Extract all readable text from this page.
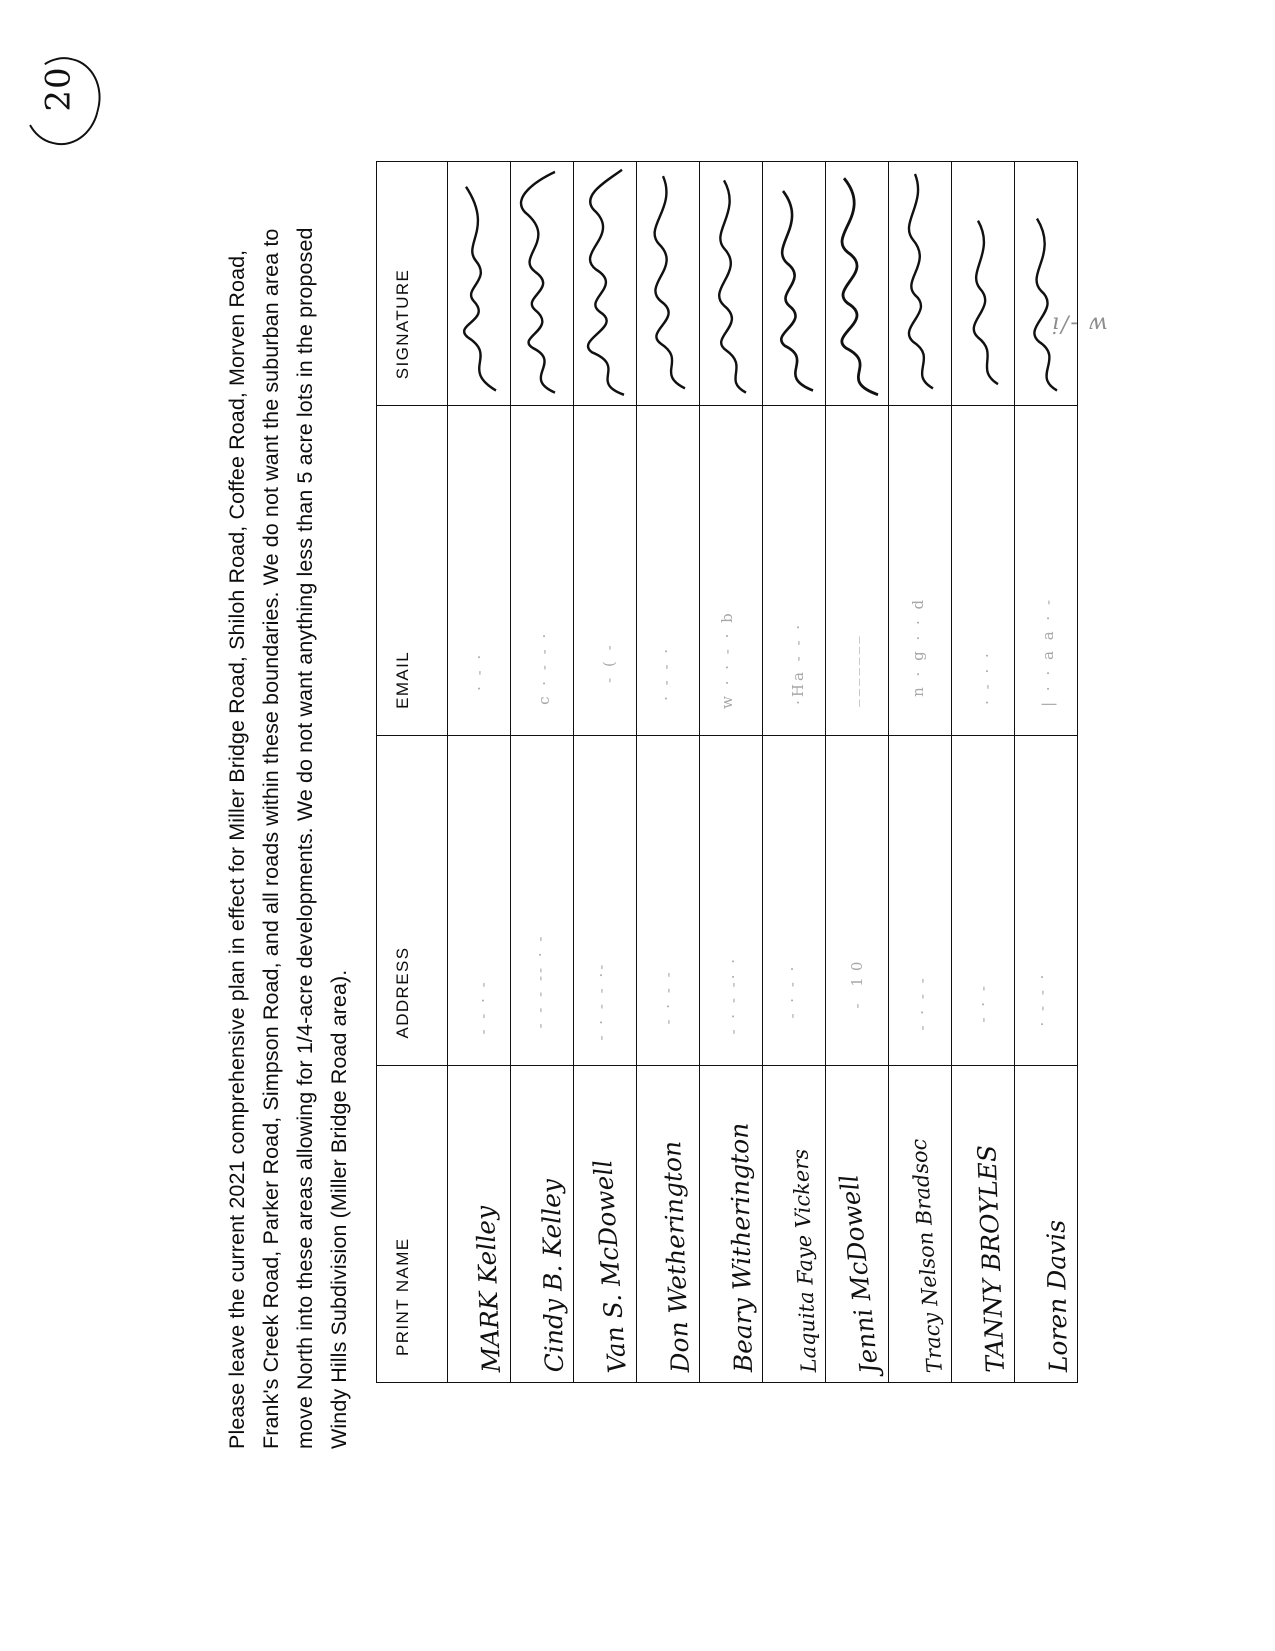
20
Please leave the current 2021 comprehensive plan in effect for Miller Bridge Road, Shiloh Road, Coffee Road, Morven Road, Frank's Creek Road, Parker Road, Simpson Road, and all roads within these boundaries. We do not want the suburban area to move North into these areas allowing for 1/4-acre developments. We do not want anything less than 5 acre lots in the proposed Windy Hills Subdivision (Miller Bridge Road area). PRINT NAME	ADDRESS	EMAIL	SIGNATURE

MARK Kelley	- - · -	· - ·

Cindy B. Kelley	- - - -- · -	c · - - ·

Van S. McDowell	- · - - ·-	- ( -

Don Wetherington	- · - -	· - - ·

Beary Witherington	- · - -· ·	w · · - · b

Laquita Faye Vickers	- · - ·	·Ha - - ·

Jenni McDowell	- 10	_______

Tracy Nelson Bradsoc	- · - -	n · g · · d

TANNY BROYLES	- · -	· - · ·

Loren Davis	· - - ·	| · · a a · -

w -/i
